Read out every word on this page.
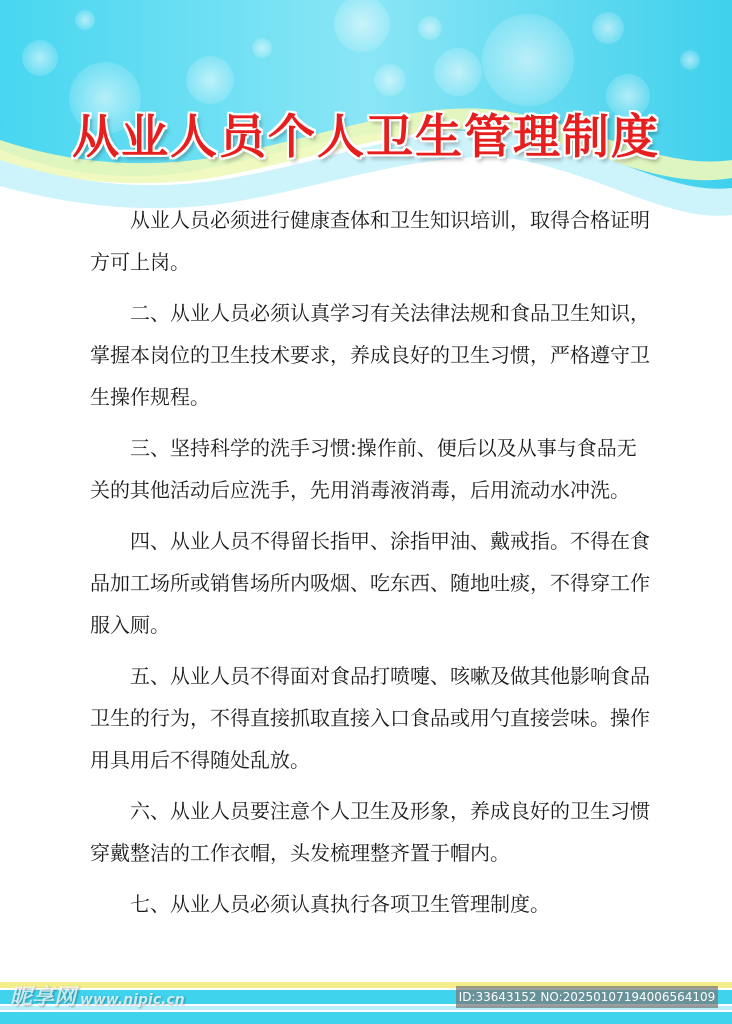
从业人员个人卫生管理制度

从业人员必须进行健康查体和卫生知识培训，取得合格证明方可上岗。

二、从业人员必须认真学习有关法律法规和食品卫生知识，掌握本岗位的卫生技术要求，养成良好的卫生习惯，严格遵守卫生操作规程。

三、坚持科学的洗手习惯:操作前、便后以及从事与食品无关的其他活动后应洗手，先用消毒液消毒，后用流动水冲洗。

四、从业人员不得留长指甲、涂指甲油、戴戒指。不得在食品加工场所或销售场所内吸烟、吃东西、随地吐痰，不得穿工作服入厕。

五、从业人员不得面对食品打喷嚏、咳嗽及做其他影响食品卫生的行为，不得直接抓取直接入口食品或用勺直接尝味。操作用具用后不得随处乱放。

六、从业人员要注意个人卫生及形象，养成良好的卫生习惯穿戴整洁的工作衣帽，头发梳理整齐置于帽内。

七、从业人员必须认真执行各项卫生管理制度。

昵享网 www.nipic.cn	ID:33643152 NO:20250107194006564109
